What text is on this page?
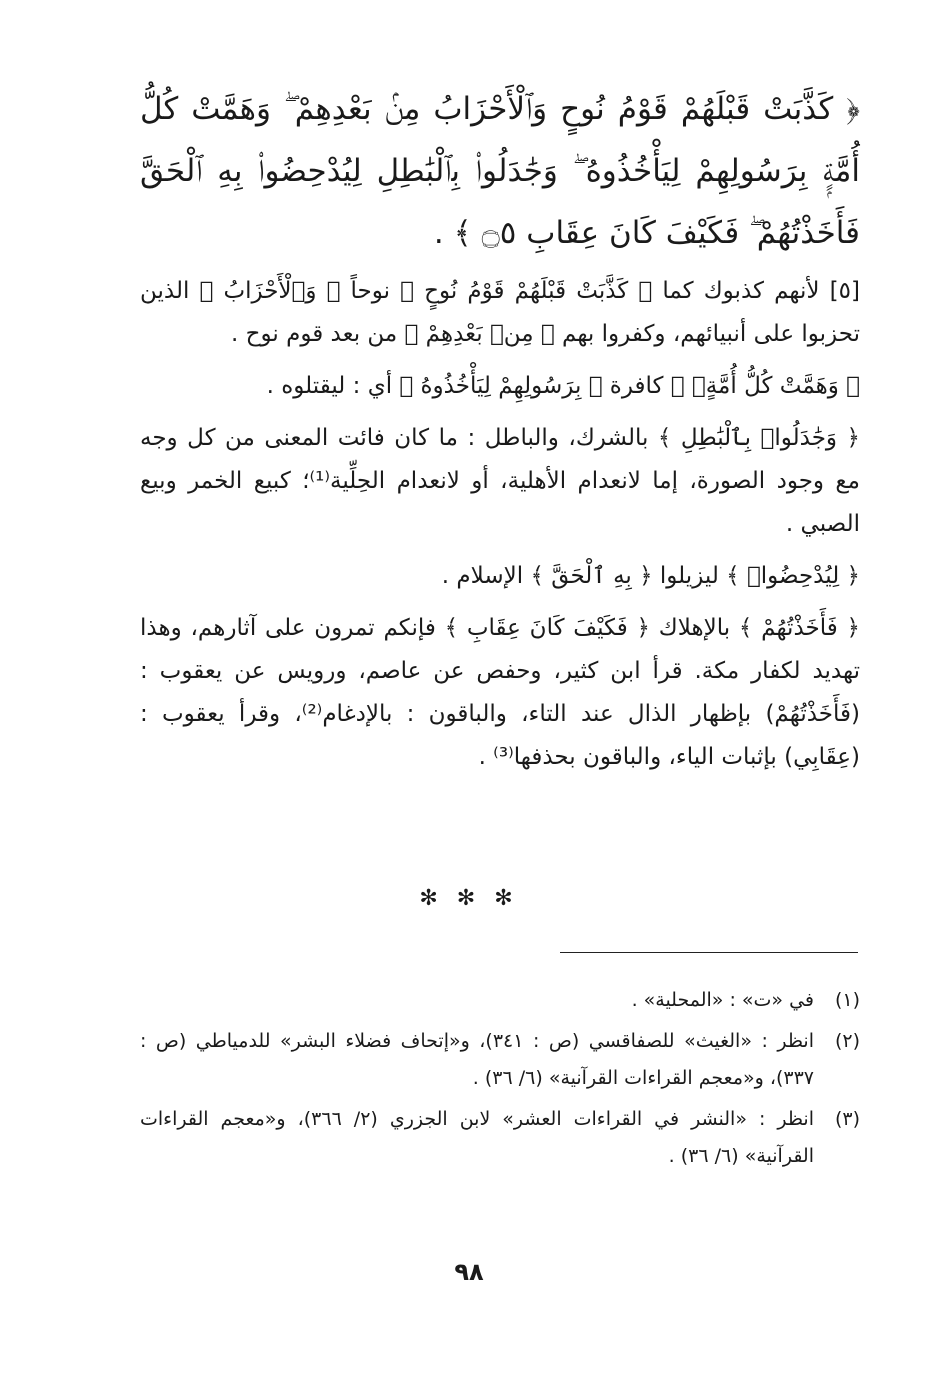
﴿ كَذَّبَتْ قَبْلَهُمْ قَوْمُ نُوحٍ وَٱلْأَحْزَابُ مِنۢ بَعْدِهِمْ ۖ وَهَمَّتْ كُلُّ أُمَّةٍۭ بِرَسُولِهِمْ لِيَأْخُذُوهُ ۖ وَجَٰدَلُوا۟ بِٱلْبَٰطِلِ لِيُدْحِضُوا۟ بِهِ ٱلْحَقَّ فَأَخَذْتُهُمْ ۖ فَكَيْفَ كَانَ عِقَابِ ۝٥ ﴾ .

[٥] لأنهم كذبوك كما ﴿ كَذَّبَتْ قَبْلَهُمْ قَوْمُ نُوحٍ ﴾ نوحاً ﴿ وَٱلْأَحْزَابُ ﴾ الذين تحزبوا على أنبيائهم، وكفروا بهم ﴿ مِنۢ بَعْدِهِمْ ﴾ من بعد قوم نوح .

﴿ وَهَمَّتْ كُلُّ أُمَّةٍۭ ﴾ كافرة ﴿ بِرَسُولِهِمْ لِيَأْخُذُوهُ ﴾ أي : ليقتلوه .

﴿ وَجَٰدَلُوا۟ بِٱلْبَٰطِلِ ﴾ بالشرك، والباطل : ما كان فائت المعنى من كل وجه مع وجود الصورة، إما لانعدام الأهلية، أو لانعدام الحِلِّية⁽¹⁾؛ كبيع الخمر وبيع الصبي .

﴿ لِيُدْحِضُوا۟ ﴾ ليزيلوا ﴿ بِهِ ٱلْحَقَّ ﴾ الإسلام .

﴿ فَأَخَذْتُهُمْ ﴾ بالإهلاك ﴿ فَكَيْفَ كَانَ عِقَابِ ﴾ فإنكم تمرون على آثارهم، وهذا تهديد لكفار مكة. قرأ ابن كثير، وحفص عن عاصم، ورويس عن يعقوب : (فَأَخَذْتُهُمْ) بإظهار الذال عند التاء، والباقون : بالإدغام⁽²⁾، وقرأ يعقوب : (عِقَابِي) بإثبات الياء، والباقون بحذفها⁽³⁾ .

✻ ✻ ✻
(١)
في «ت» : «المحلية» .
(٢)
انظر : «الغيث» للصفاقسي (ص : ٣٤١)، و«إتحاف فضلاء البشر» للدمياطي (ص : ٣٣٧)، و«معجم القراءات القرآنية» (٦/ ٣٦) .
(٣)
انظر : «النشر في القراءات العشر» لابن الجزري (٢/ ٣٦٦)، و«معجم القراءات القرآنية» (٦/ ٣٦) .
٩٨
